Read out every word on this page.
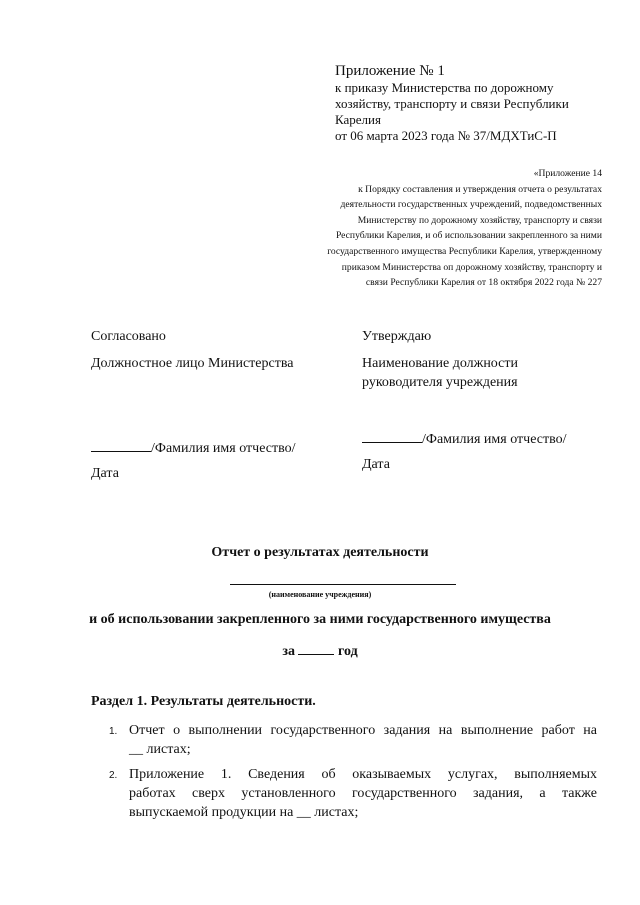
Приложение № 1
к приказу Министерства по дорожному
хозяйству, транспорту и связи Республики
Карелия
от 06 марта 2023 года № 37/МДХТиС-П
«Приложение 14
к Порядку составления и утверждения отчета о результатах
деятельности государственных учреждений, подведомственных
Министерству по дорожному хозяйству, транспорту и связи
Республики Карелия, и об использовании закрепленного за ними
государственного имущества Республики Карелия, утвержденному
приказом Министерства оп дорожному хозяйству, транспорту и
связи Республики Карелия от 18 октября 2022 года № 227
Согласовано
Должностное лицо Министерства
/Фамилия имя отчество/
Дата
Утверждаю
Наименование должности
руководителя учреждения
/Фамилия имя отчество/
Дата
Отчет о результатах деятельности
(наименование учреждения)
и об использовании закрепленного за ними государственного имущества
за	год
Раздел 1. Результаты деятельности.
1. Отчет о выполнении государственного задания на выполнение работ на
__ листах;
2. Приложение 1. Сведения об оказываемых услугах, выполняемых
работах сверх установленного государственного задания, а также выпускаемой продукции на __ листах;
